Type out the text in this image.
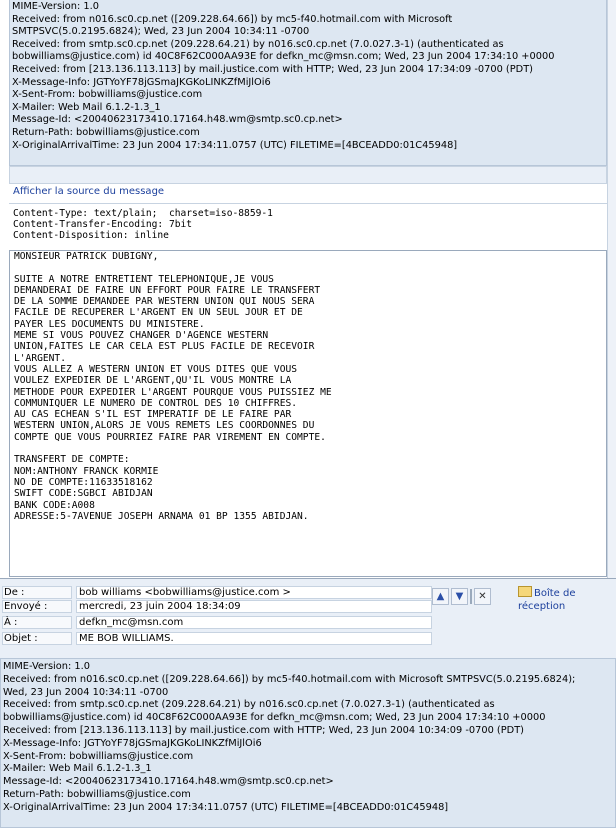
MIME-Version: 1.0
Received: from n016.sc0.cp.net ([209.228.64.66]) by mc5-f40.hotmail.com with Microsoft
SMTPSVC(5.0.2195.6824); Wed, 23 Jun 2004 10:34:11 -0700
Received: from smtp.sc0.cp.net (209.228.64.21) by n016.sc0.cp.net (7.0.027.3-1) (authenticated as
bobwilliams@justice.com) id 40C8F62C000AA93E for defkn_mc@msn.com; Wed, 23 Jun 2004 17:34:10 +0000
Received: from [213.136.113.113] by mail.justice.com with HTTP; Wed, 23 Jun 2004 17:34:09 -0700 (PDT)
X-Message-Info: JGTYoYF78jGSmaJKGKoLINKZfMiJlOi6
X-Sent-From: bobwilliams@justice.com
X-Mailer: Web Mail 6.1.2-1.3_1
Message-Id: <20040623173410.17164.h48.wm@smtp.sc0.cp.net>
Return-Path: bobwilliams@justice.com
X-OriginalArrivalTime: 23 Jun 2004 17:34:11.0757 (UTC) FILETIME=[4BCEADD0:01C45948]
Afficher la source du message
Content-Type: text/plain;  charset=iso-8859-1
Content-Transfer-Encoding: 7bit
Content-Disposition: inline
MONSIEUR PATRICK DUBIGNY,

SUITE A NOTRE ENTRETIENT TELEPHONIQUE,JE VOUS
DEMANDERAI DE FAIRE UN EFFORT POUR FAIRE LE TRANSFERT
DE LA SOMME DEMANDEE PAR WESTERN UNION QUI NOUS SERA
FACILE DE RECUPERER L'ARGENT EN UN SEUL JOUR ET DE
PAYER LES DOCUMENTS DU MINISTERE.
MEME SI VOUS POUVEZ CHANGER D'AGENCE WESTERN
UNION,FAITES LE CAR CELA EST PLUS FACILE DE RECEVOIR
L'ARGENT.
VOUS ALLEZ A WESTERN UNION ET VOUS DITES QUE VOUS
VOULEZ EXPEDIER DE L'ARGENT,QU'IL VOUS MONTRE LA
METHODE POUR EXPEDIER L'ARGENT POURQUE VOUS PUISSIEZ ME
COMMUNIQUER LE NUMERO DE CONTROL DES 10 CHIFFRES.
AU CAS ECHEAN S'IL EST IMPERATIF DE LE FAIRE PAR
WESTERN UNION,ALORS JE VOUS REMETS LES COORDONNES DU
COMPTE QUE VOUS POURRIEZ FAIRE PAR VIREMENT EN COMPTE.

TRANSFERT DE COMPTE:
NOM:ANTHONY FRANCK KORMIE
NO DE COMPTE:11633518162
SWIFT CODE:SGBCI ABIDJAN
BANK CODE:A008
ADRESSE:5-7AVENUE JOSEPH ARNAMA 01 BP 1355 ABIDJAN.
De :	bob williams <bobwilliams@justice.com >
Envoyé :	mercredi, 23 juin 2004 18:34:09
À :	defkn_mc@msn.com
Objet :	ME BOB WILLIAMS.
▲	▼	✕	Boîte de réception
MIME-Version: 1.0
Received: from n016.sc0.cp.net ([209.228.64.66]) by mc5-f40.hotmail.com with Microsoft SMTPSVC(5.0.2195.6824);
Wed, 23 Jun 2004 10:34:11 -0700
Received: from smtp.sc0.cp.net (209.228.64.21) by n016.sc0.cp.net (7.0.027.3-1) (authenticated as
bobwilliams@justice.com) id 40C8F62C000AA93E for defkn_mc@msn.com; Wed, 23 Jun 2004 17:34:10 +0000
Received: from [213.136.113.113] by mail.justice.com with HTTP; Wed, 23 Jun 2004 10:34:09 -0700 (PDT)
X-Message-Info: JGTYoYF78jGSmaJKGKoLINKZfMiJlOi6
X-Sent-From: bobwilliams@justice.com
X-Mailer: Web Mail 6.1.2-1.3_1
Message-Id: <20040623173410.17164.h48.wm@smtp.sc0.cp.net>
Return-Path: bobwilliams@justice.com
X-OriginalArrivalTime: 23 Jun 2004 17:34:11.0757 (UTC) FILETIME=[4BCEADD0:01C45948]
